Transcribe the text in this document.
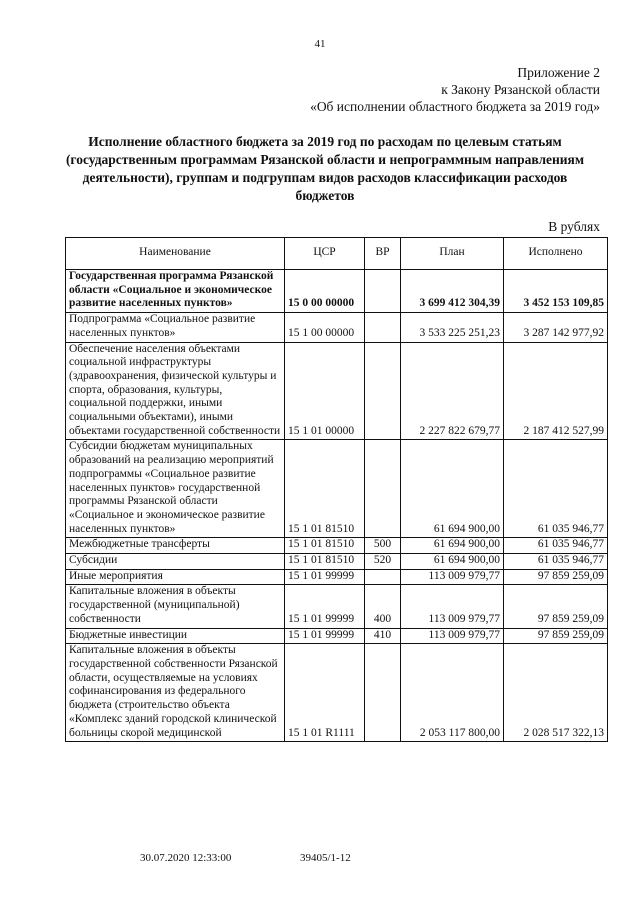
41
Приложение 2
к Закону Рязанской области
«Об исполнении областного бюджета за 2019 год»
Исполнение областного бюджета за 2019 год по расходам по целевым статьям (государственным программам Рязанской области и непрограммным направлениям деятельности), группам и подгруппам видов расходов классификации расходов бюджетов
В рублях
Наименование	ЦСР	ВР	План	Исполнено
Государственная программа Рязанской области «Социальное и экономическое развитие населенных пунктов»	15 0 00 00000		3 699 412 304,39	3 452 153 109,85
Подпрограмма «Социальное развитие населенных пунктов»	15 1 00 00000		3 533 225 251,23	3 287 142 977,92
Обеспечение населения объектами социальной инфраструктуры (здравоохранения, физической культуры и спорта, образования, культуры, социальной поддержки, иными социальными объектами), иными объектами государственной собственности	15 1 01 00000		2 227 822 679,77	2 187 412 527,99
Субсидии бюджетам муниципальных образований на реализацию мероприятий подпрограммы «Социальное развитие населенных пунктов» государственной программы Рязанской области «Социальное и экономическое развитие населенных пунктов»	15 1 01 81510		61 694 900,00	61 035 946,77
Межбюджетные трансферты	15 1 01 81510	500	61 694 900,00	61 035 946,77
Субсидии	15 1 01 81510	520	61 694 900,00	61 035 946,77
Иные мероприятия	15 1 01 99999		113 009 979,77	97 859 259,09
Капитальные вложения в объекты государственной (муниципальной) собственности	15 1 01 99999	400	113 009 979,77	97 859 259,09
Бюджетные инвестиции	15 1 01 99999	410	113 009 979,77	97 859 259,09
Капитальные вложения в объекты государственной собственности Рязанской области, осуществляемые на условиях софинансирования из федерального бюджета (строительство объекта «Комплекс зданий городской клинической больницы скорой медицинской	15 1 01 R1111		2 053 117 800,00	2 028 517 322,13
30.07.2020 12:33:00	39405/1-12
